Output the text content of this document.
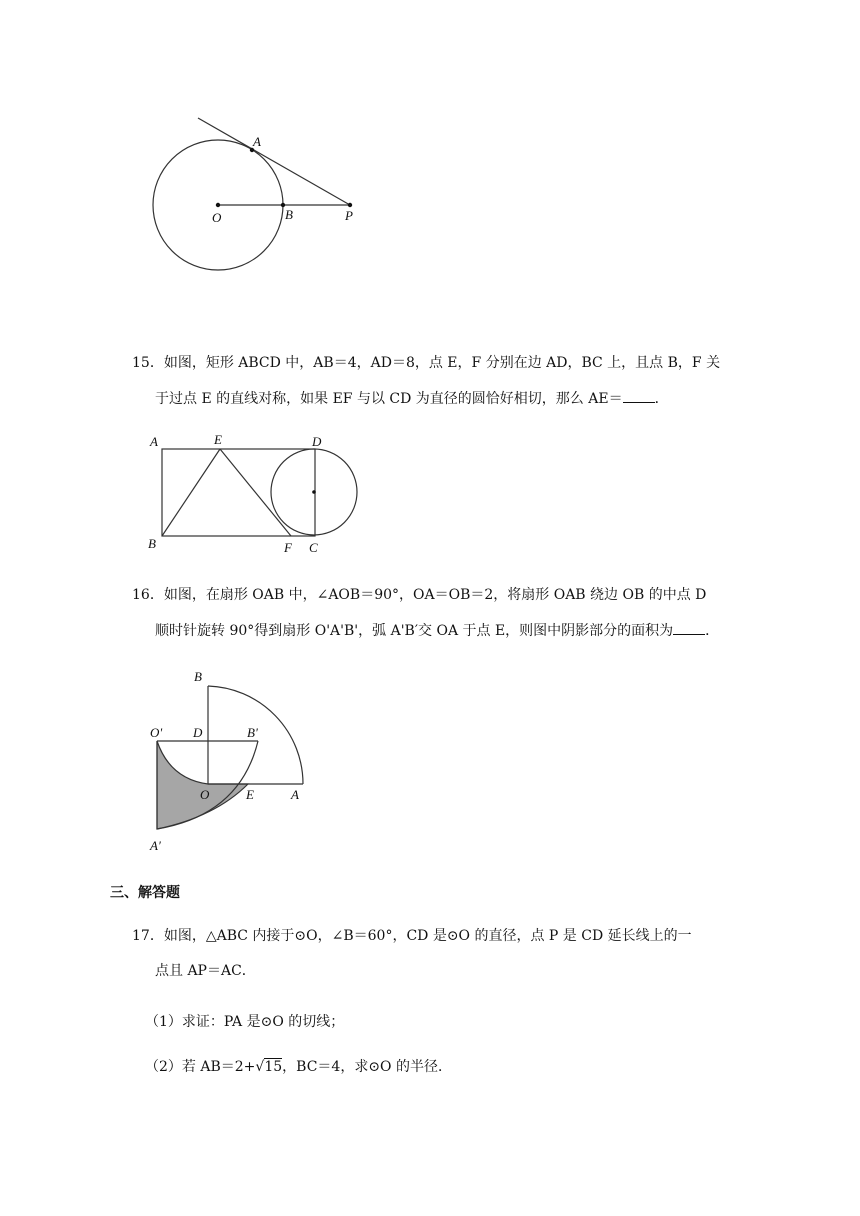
A
O	B	P
15．如图，矩形 ABCD 中，AB＝4，AD＝8，点 E，F 分别在边 AD，BC 上，且点 B，F 关
于过点 E 的直线对称，如果 EF 与以 CD 为直径的圆恰好相切，那么 AE＝ ．
A	E	D
B	F C
16．如图，在扇形 OAB 中，∠AOB＝90°，OA＝OB＝2，将扇形 OAB 绕边 OB 的中点 D
顺时针旋转 90°得到扇形 O'A'B'，弧 A'B′交 OA 于点 E，则图中阴影部分的面积为 ．
B
O' D	B'
O	E	A
A′
三、解答题
17．如图，△ABC 内接于⊙O，∠B＝60°，CD 是⊙O 的直径，点 P 是 CD 延长线上的一
点且 AP＝AC．
（1）求证：PA 是⊙O 的切线；
（2）若 AB＝2+√15，BC＝4，求⊙O 的半径．
